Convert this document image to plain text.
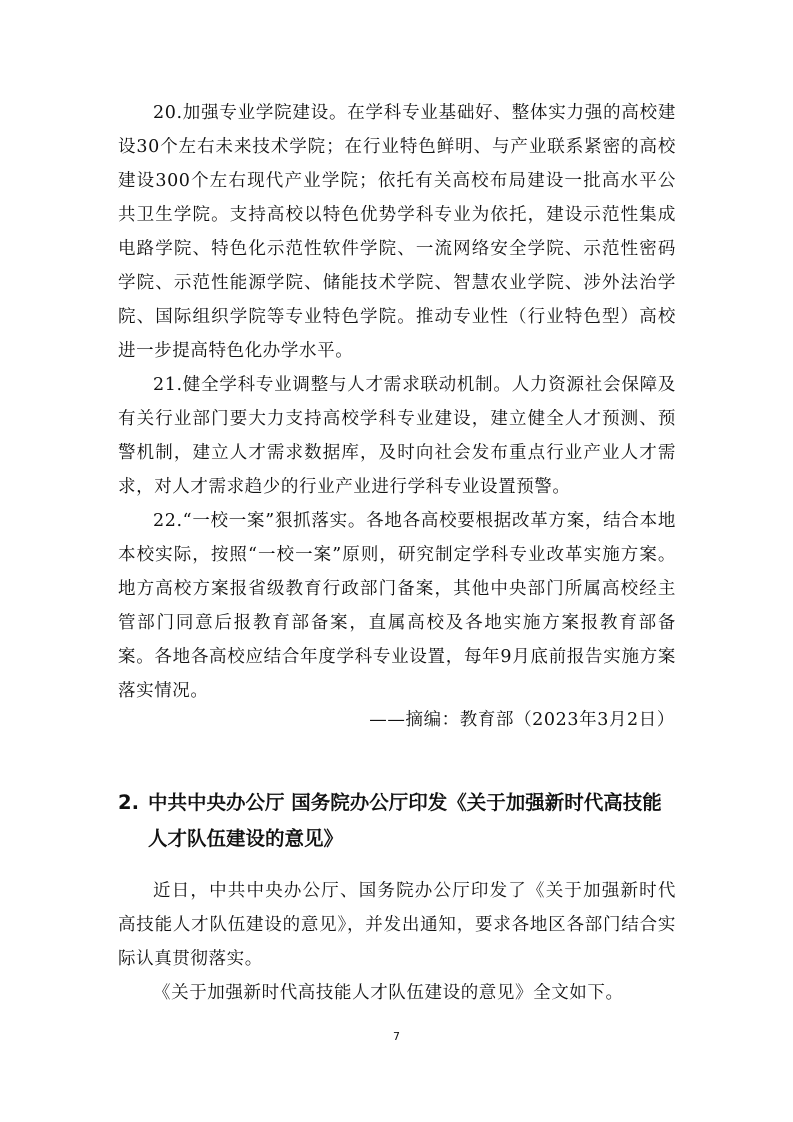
20.加强专业学院建设。在学科专业基础好、整体实力强的高校建设30个左右未来技术学院；在行业特色鲜明、与产业联系紧密的高校建设300个左右现代产业学院；依托有关高校布局建设一批高水平公共卫生学院。支持高校以特色优势学科专业为依托，建设示范性集成电路学院、特色化示范性软件学院、一流网络安全学院、示范性密码学院、示范性能源学院、储能技术学院、智慧农业学院、涉外法治学院、国际组织学院等专业特色学院。推动专业性（行业特色型）高校进一步提高特色化办学水平。

21.健全学科专业调整与人才需求联动机制。人力资源社会保障及有关行业部门要大力支持高校学科专业建设，建立健全人才预测、预警机制，建立人才需求数据库，及时向社会发布重点行业产业人才需求，对人才需求趋少的行业产业进行学科专业设置预警。

22.“一校一案”狠抓落实。各地各高校要根据改革方案，结合本地本校实际，按照“一校一案”原则，研究制定学科专业改革实施方案。地方高校方案报省级教育行政部门备案，其他中央部门所属高校经主管部门同意后报教育部备案，直属高校及各地实施方案报教育部备案。各地各高校应结合年度学科专业设置，每年9月底前报告实施方案落实情况。

——摘编：教育部（2023年3月2日）
2. 中共中央办公厅 国务院办公厅印发《关于加强新时代高技能人才队伍建设的意见》

近日，中共中央办公厅、国务院办公厅印发了《关于加强新时代高技能人才队伍建设的意见》，并发出通知，要求各地区各部门结合实际认真贯彻落实。

《关于加强新时代高技能人才队伍建设的意见》全文如下。

7
